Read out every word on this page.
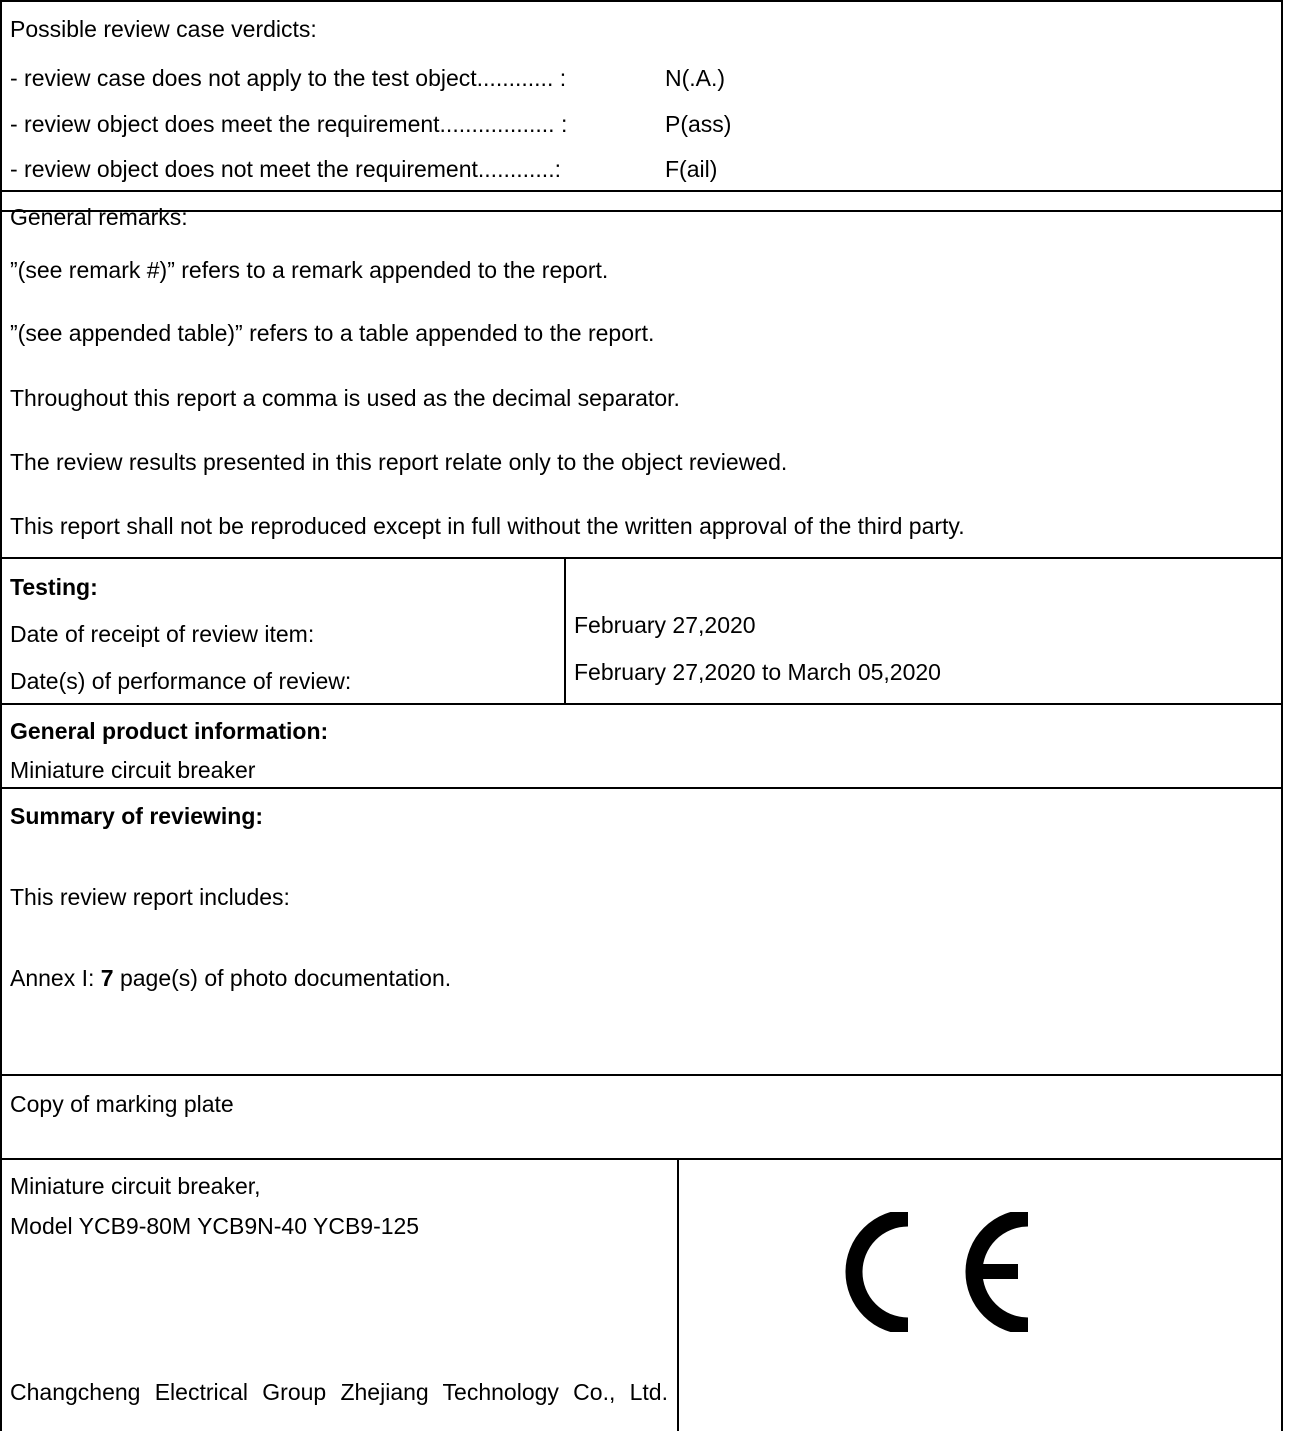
Possible review case verdicts:
- review case does not apply to the test object............ :	N(.A.)
- review object does meet the requirement.................. :	P(ass)
- review object does not meet the requirement............:	F(ail)
General remarks:
”(see remark #)” refers to a remark appended to the report.
”(see appended table)” refers to a table appended to the report.
Throughout this report a comma is used as the decimal separator.
The review results presented in this report relate only to the object reviewed.
This report shall not be reproduced except in full without the written approval of the third party.
Testing:
Date of receipt of review item:	February 27,2020
Date(s) of performance of review:	February 27,2020 to March 05,2020
General product information:
Miniature circuit breaker
Summary of reviewing:
This review report includes:
Annex I: 7 page(s) of photo documentation.
Copy of marking plate
Miniature circuit breaker,
Model YCB9-80M YCB9N-40 YCB9-125
Changcheng Electrical Group Zhejiang Technology Co., Ltd.
